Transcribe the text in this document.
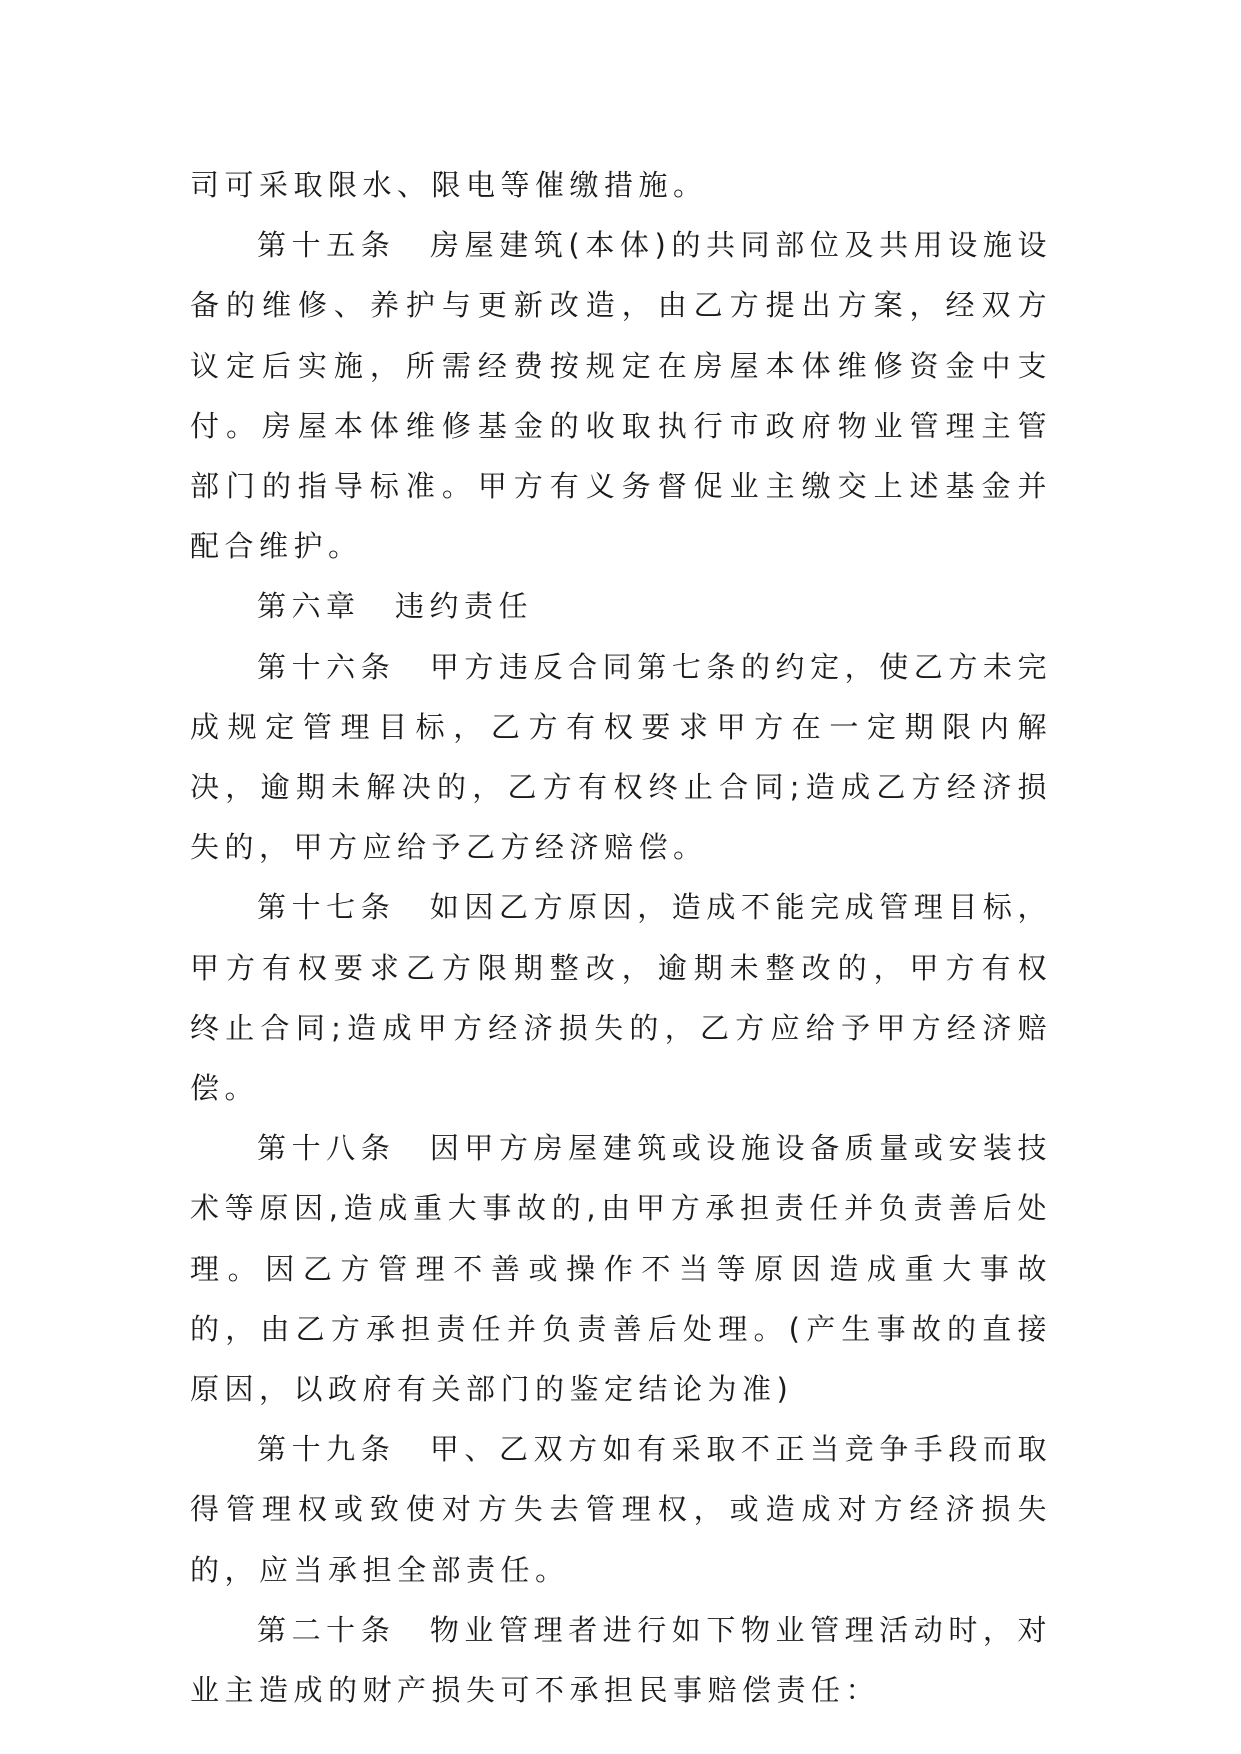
司可采取限水、限电等催缴措施。

第十五条　房屋建筑(本体)的共同部位及共用设施设备的维修、养护与更新改造，由乙方提出方案，经双方议定后实施，所需经费按规定在房屋本体维修资金中支付。房屋本体维修基金的收取执行市政府物业管理主管部门的指导标准。甲方有义务督促业主缴交上述基金并配合维护。

第六章　违约责任

第十六条　甲方违反合同第七条的约定，使乙方未完成规定管理目标，乙方有权要求甲方在一定期限内解决，逾期未解决的，乙方有权终止合同;造成乙方经济损失的，甲方应给予乙方经济赔偿。

第十七条　如因乙方原因，造成不能完成管理目标，甲方有权要求乙方限期整改，逾期未整改的，甲方有权终止合同;造成甲方经济损失的，乙方应给予甲方经济赔偿。

第十八条　因甲方房屋建筑或设施设备质量或安装技术等原因,造成重大事故的,由甲方承担责任并负责善后处理。因乙方管理不善或操作不当等原因造成重大事故的，由乙方承担责任并负责善后处理。(产生事故的直接原因，以政府有关部门的鉴定结论为准)

第十九条　甲、乙双方如有采取不正当竞争手段而取得管理权或致使对方失去管理权，或造成对方经济损失的，应当承担全部责任。

第二十条　物业管理者进行如下物业管理活动时，对业主造成的财产损失可不承担民事赔偿责任：
